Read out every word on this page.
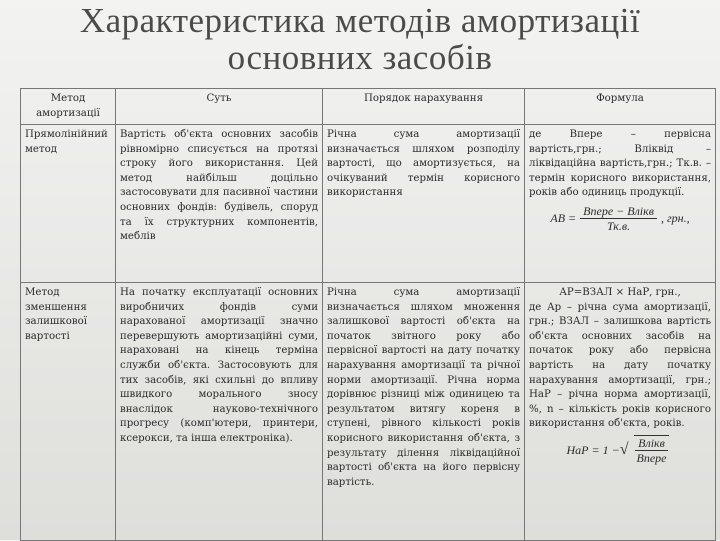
Характеристика методів амортизації
основних засобів
Метод амортизації
Суть	Порядок нарахування	Формула
Прямолінійний метод
Вартість об'єкта основних засобів рівномірно списується на протязі строку його використання. Цей метод найбільш доцільно застосовувати для пасивної частини основних фондів: будівель, споруд та їх структурних компонентів, меблів
Річна сума амортизації визначається шляхом розподілу вартості, що амортизується, на очікуваний термін корисного використання
де Впере – первісна вартість,грн.; Вліквід – ліквідаційна вартість,грн.; Тк.в. – термін корисного використання, років або одиниць продукції.
АВ = $\frac{\text{Впере − Влікв}}{Тк.в.}$ , грн.,
Метод зменшення залишкової вартості
На початку експлуатації основних виробничих фондів суми нарахованої амортизації значно перевершують амортизаційні суми, нараховані на кінець терміна служби об'єкта. Застосовують для тих засобів, які схильні до впливу швидкого морального зносу внаслідок науково-технічного прогресу (комп'ютери, принтери, ксерокси, та інша електроніка).
Річна сума амортизації визначається шляхом множення залишкової вартості об'єкта на початок звітного року або первісної вартості на дату початку нарахування амортизації та річної норми амортизації. Річна норма дорівнює різниці між одиницею та результатом витягу кореня в ступені, рівного кількості років корисного використання об'єкта, з результату ділення ліквідаційної вартості об'єкта на його первісну вартість.
АР=ВЗАЛ × НаР, грн.,
де Ар – річна сума амортизації, грн.; ВЗАЛ – залишкова вартість об'єкта основних засобів на початок року або первісна вартість на дату початку нарахування амортизації, грн.; НаР – річна норма амортизації, %, n – кількість років корисного використання об'єкта, років.
НаР = 1 − √ $\frac{\text{Влікв}}{\text{Впере}}$
